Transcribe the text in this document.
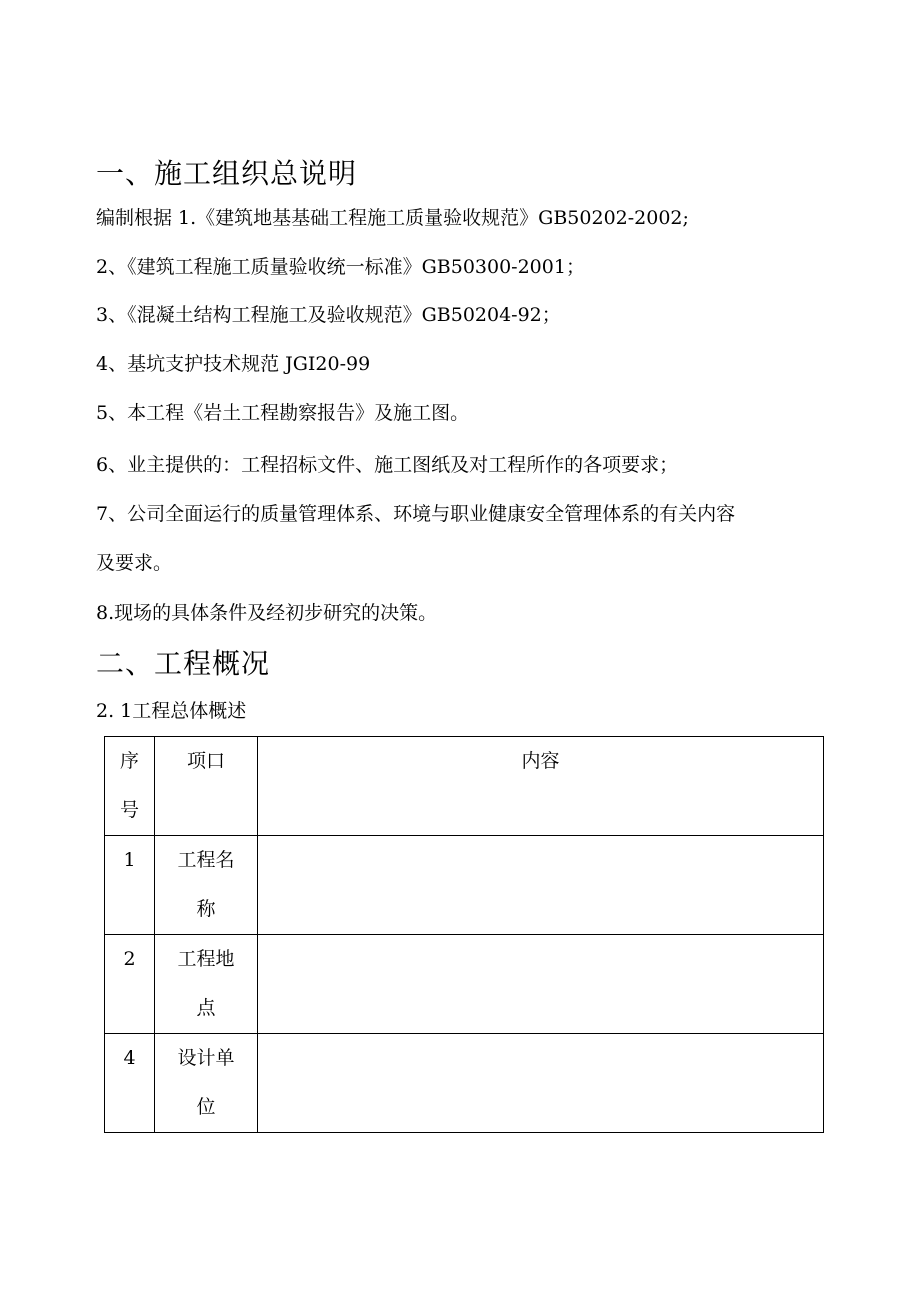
一、施工组织总说明
编制根据 1.《建筑地基基础工程施工质量验收规范》GB50202-2002;
2、《建筑工程施工质量验收统一标准》GB50300-2001；
3、《混凝土结构工程施工及验收规范》GB50204-92；
4、基坑支护技术规范 JGI20-99
5、本工程《岩土工程勘察报告》及施工图。
6、业主提供的：工程招标文件、施工图纸及对工程所作的各项要求；
7、公司全面运行的质量管理体系、环境与职业健康安全管理体系的有关内容
及要求。
8.现场的具体条件及经初步研究的决策。
二、工程概况
2. 1工程总体概述
序号	项口	内容
1	工程名称	

2	工程地点	

4	设计单位	
